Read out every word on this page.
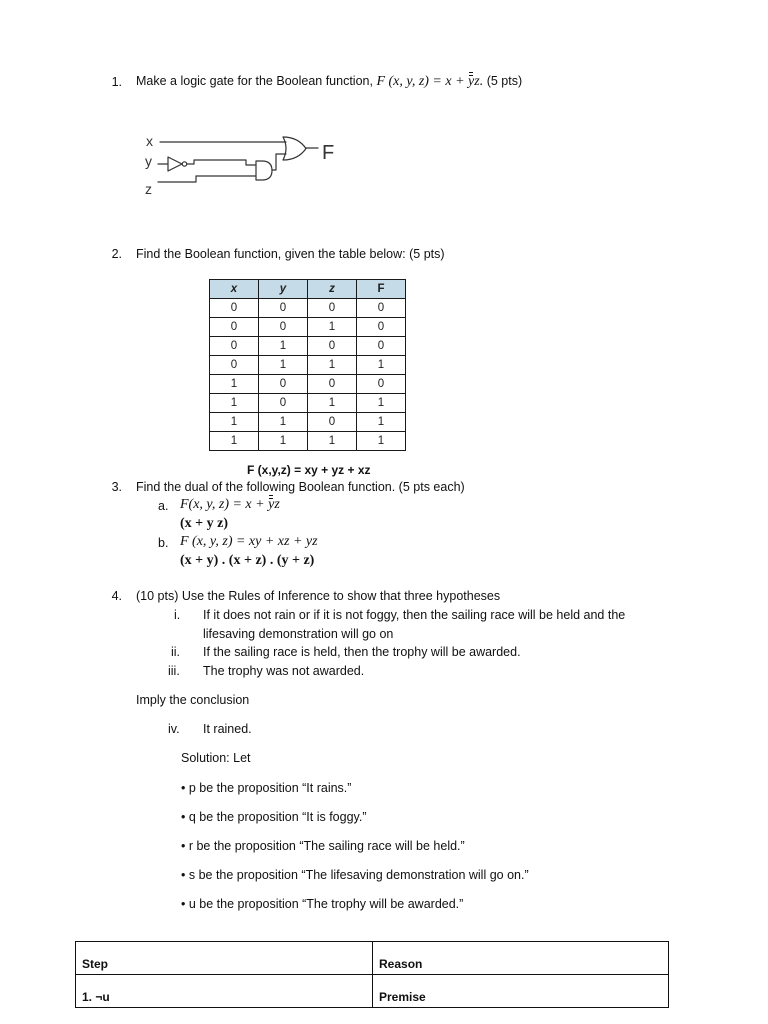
1. Make a logic gate for the Boolean function, F (x, y, z) = x + yz. (5 pts)
x
y
z
F
2. Find the Boolean function, given the table below: (5 pts)
x	y	z	F
0	0	0	0
0	0	1	0
0	1	0	0
0	1	1	1
1	0	0	0
1	0	1	1
1	1	0	1
1	1	1	1
F (x,y,z) = xy + yz + xz
3. Find the dual of the following Boolean function. (5 pts each)
a. F(x, y, z) = x + yz
(x + y z)
b. F (x, y, z) = xy + xz + yz
(x + y) . (x + z) . (y + z)
4. (10 pts) Use the Rules of Inference to show that three hypotheses
i. If it does not rain or if it is not foggy, then the sailing race will be held and the
lifesaving demonstration will go on
ii. If the sailing race is held, then the trophy will be awarded.
iii. The trophy was not awarded.
Imply the conclusion
iv. It rained.
Solution: Let
• p be the proposition “It rains.”
• q be the proposition “It is foggy.”
• r be the proposition “The sailing race will be held.”
• s be the proposition “The lifesaving demonstration will go on.”
• u be the proposition “The trophy will be awarded.”
Step	Reason
1. ¬u	Premise
